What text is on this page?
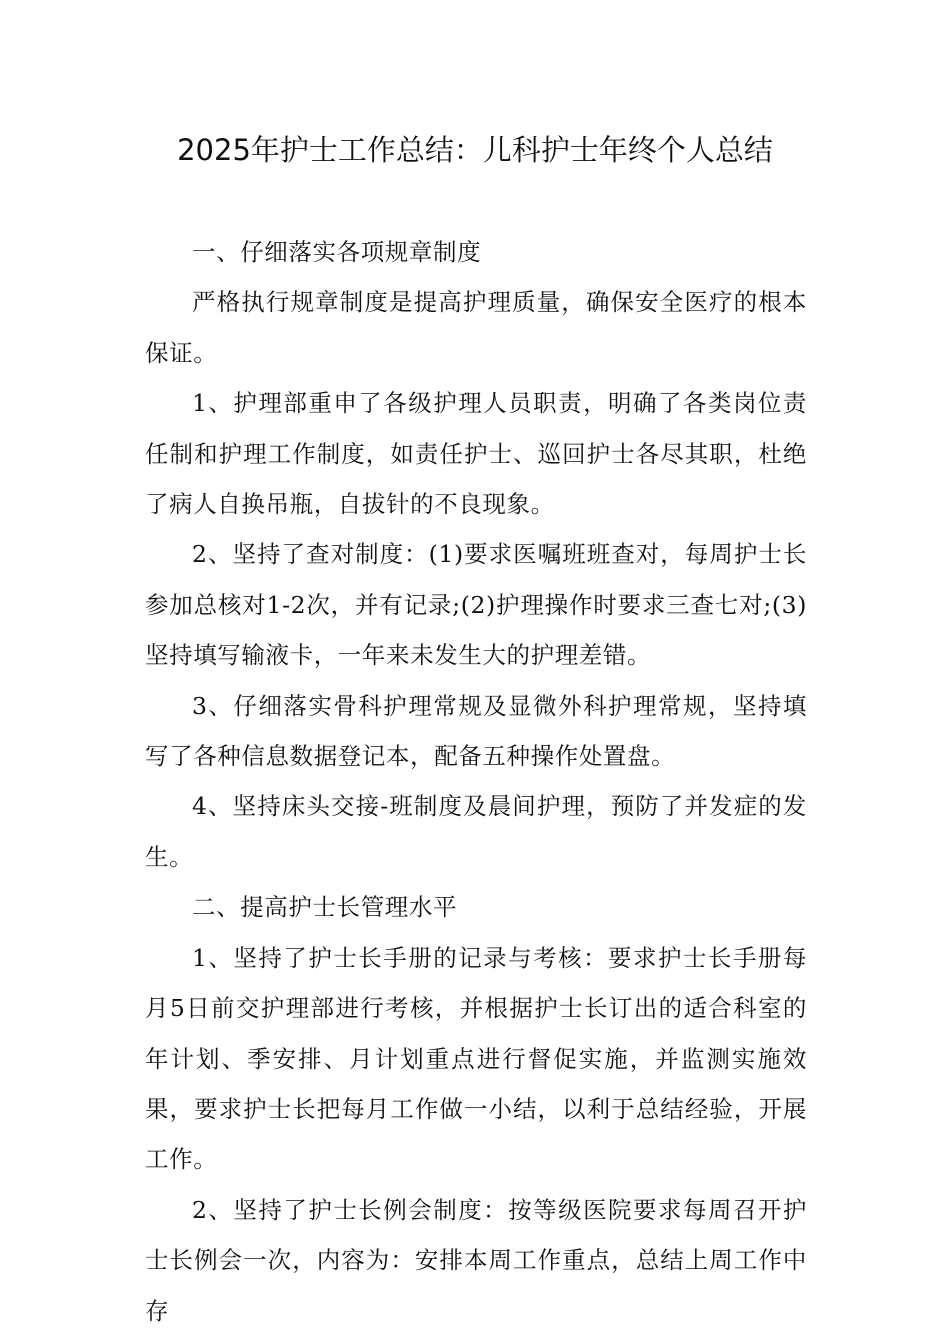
2025年护士工作总结：儿科护士年终个人总结

一、仔细落实各项规章制度

严格执行规章制度是提高护理质量，确保安全医疗的根本保证。

1、护理部重申了各级护理人员职责，明确了各类岗位责任制和护理工作制度，如责任护士、巡回护士各尽其职，杜绝了病人自换吊瓶，自拔针的不良现象。

2、坚持了查对制度：(1)要求医嘱班班查对，每周护士长参加总核对1-2次，并有记录;(2)护理操作时要求三查七对;(3)坚持填写输液卡，一年来未发生大的护理差错。

3、仔细落实骨科护理常规及显微外科护理常规，坚持填写了各种信息数据登记本，配备五种操作处置盘。

4、坚持床头交接-班制度及晨间护理，预防了并发症的发生。

二、提高护士长管理水平

1、坚持了护士长手册的记录与考核：要求护士长手册每月5日前交护理部进行考核，并根据护士长订出的适合科室的年计划、季安排、月计划重点进行督促实施，并监测实施效果，要求护士长把每月工作做一小结，以利于总结经验，开展工作。

2、坚持了护士长例会制度：按等级医院要求每周召开护士长例会一次，内容为：安排本周工作重点，总结上周工作中存
